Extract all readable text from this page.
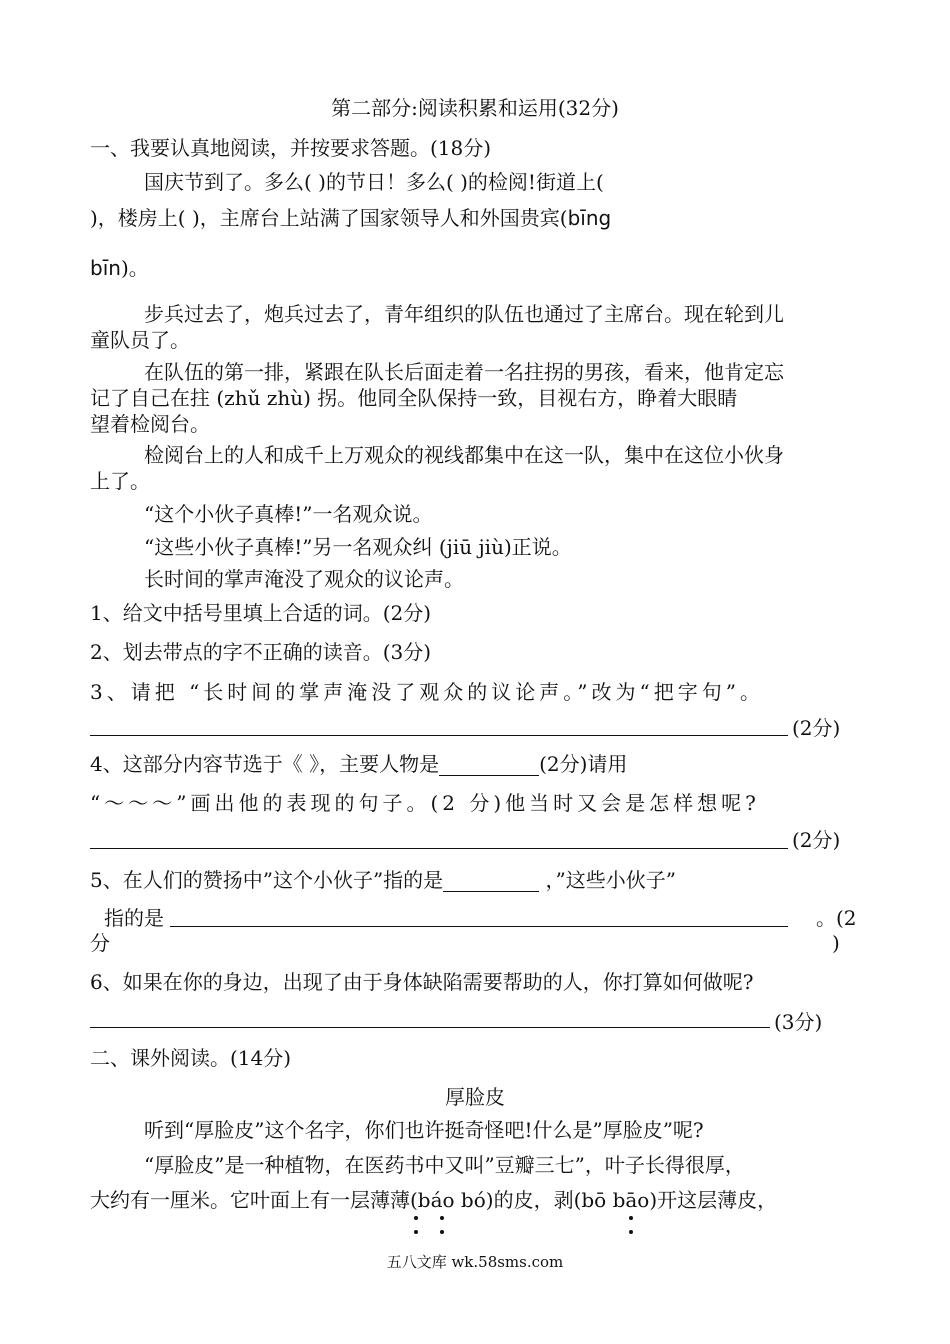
第二部分:阅读积累和运用(32分)
一、我要认真地阅读，并按要求答题。(18分)
国庆节到了。多么( )的节日！多么( )的检阅!街道上(
)，楼房上( )，主席台上站满了国家领导人和外国贵宾(bīng
bīn)。
步兵过去了，炮兵过去了，青年组织的队伍也通过了主席台。现在轮到儿
童队员了。
在队伍的第一排，紧跟在队长后面走着一名拄拐的男孩，看来，他肯定忘
记了自己在拄 (zhǔ zhù) 拐。他同全队保持一致，目视右方，睁着大眼睛
望着检阅台。
检阅台上的人和成千上万观众的视线都集中在这一队，集中在这位小伙身
上了。
“这个小伙子真棒!”一名观众说。
“这些小伙子真棒!”另一名观众纠 (jiū jiù)正说。
长时间的掌声淹没了观众的议论声。
1、给文中括号里填上合适的词。(2分)
2、划去带点的字不正确的读音。(3分)
3、请把 “长时间的掌声淹没了观众的议论声。”改为“把字句”。
(2分)
4、这部分内容节选于《 》，主要人物是	(2分)请用
“～～～”画出他的表现的句子。(2 分)他当时又会是怎样想呢?
(2分)
5、在人们的赞扬中”这个小伙子”指的是	，”这些小伙子”
指的是	。(2
分	)
6、如果在你的身边，出现了由于身体缺陷需要帮助的人，你打算如何做呢?
(3分)
二、课外阅读。(14分)
厚脸皮
听到“厚脸皮”这个名字，你们也许挺奇怪吧!什么是”厚脸皮”呢?
“厚脸皮”是一种植物，在医药书中又叫”豆瓣三七”，叶子长得很厚，
大约有一厘米。它叶面上有一层薄薄(báo bó)的皮，剥(bō bāo)开这层薄皮，
五八文库 wk.58sms.com
